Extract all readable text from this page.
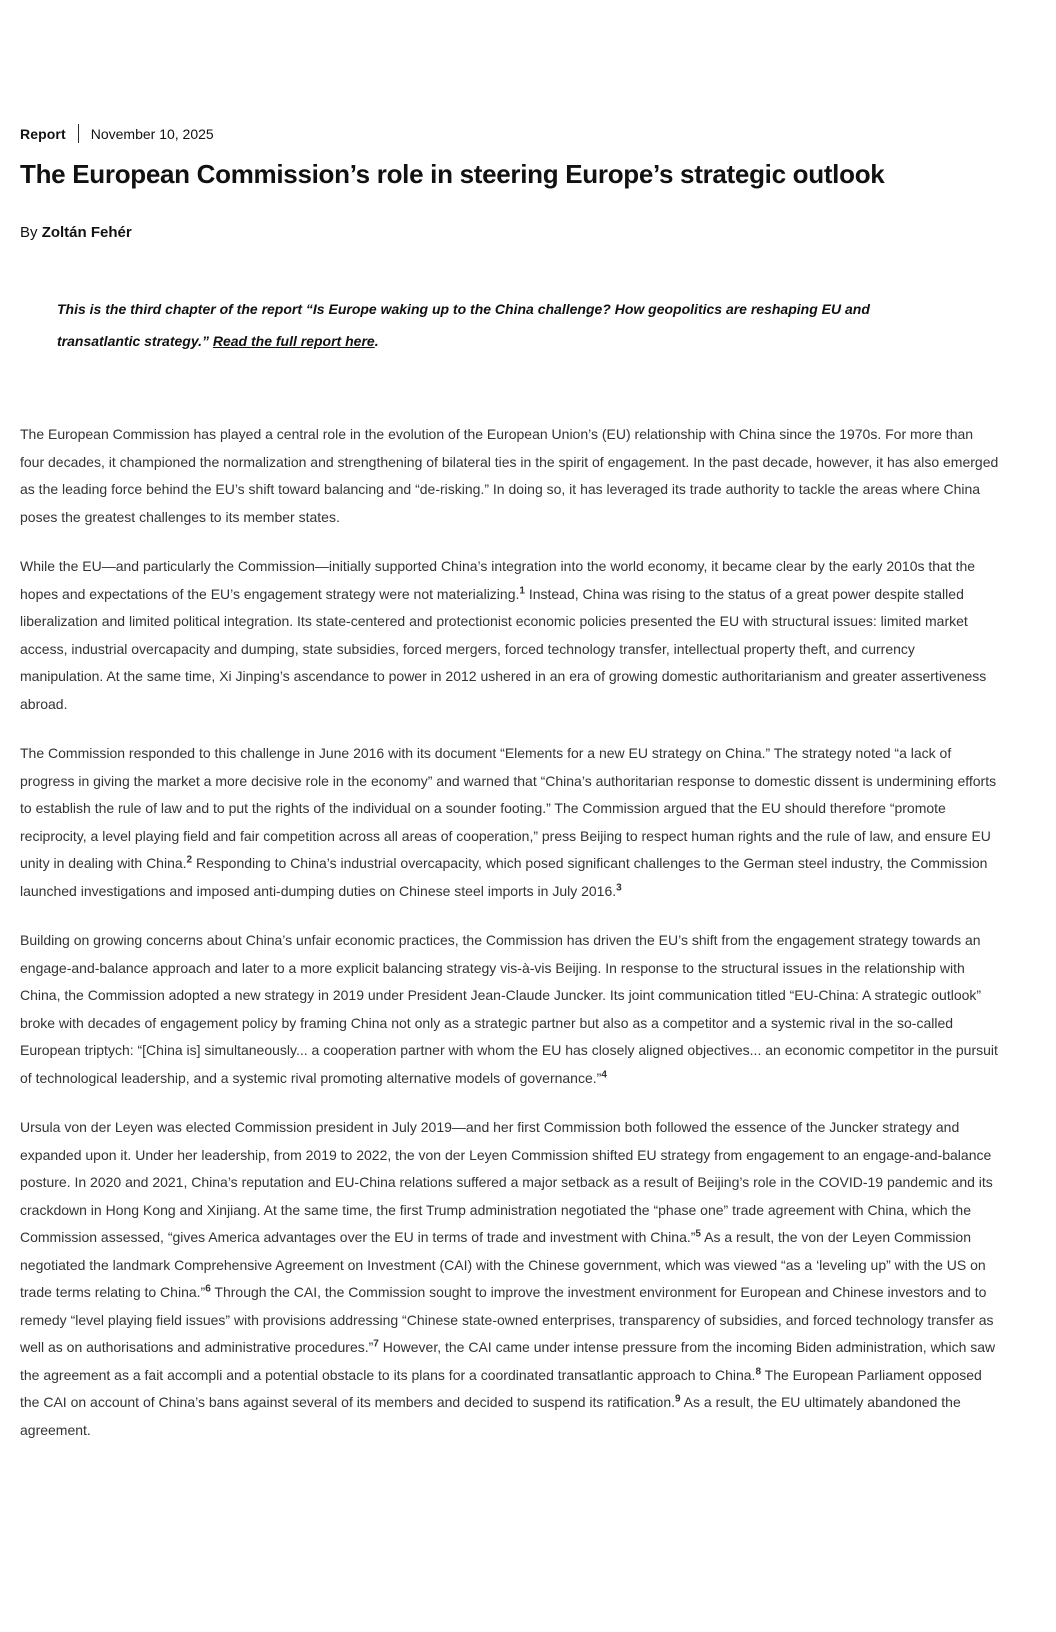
Report November 10, 2025
The European Commission’s role in steering Europe’s strategic outlook
By Zoltán Fehér

This is the third chapter of the report “Is Europe waking up to the China challenge? How geopolitics are reshaping EU and transatlantic strategy.” Read the full report here.

The European Commission has played a central role in the evolution of the European Union’s (EU) relationship with China since the 1970s. For more than four decades, it championed the normalization and strengthening of bilateral ties in the spirit of engagement. In the past decade, however, it has also emerged as the leading force behind the EU’s shift toward balancing and “de-risking.” In doing so, it has leveraged its trade authority to tackle the areas where China poses the greatest challenges to its member states.

While the EU—and particularly the Commission—initially supported China’s integration into the world economy, it became clear by the early 2010s that the hopes and expectations of the EU’s engagement strategy were not materializing.$^1$ Instead, China was rising to the status of a great power despite stalled liberalization and limited political integration. Its state-centered and protectionist economic policies presented the EU with structural issues: limited market access, industrial overcapacity and dumping, state subsidies, forced mergers, forced technology transfer, intellectual property theft, and currency manipulation. At the same time, Xi Jinping’s ascendance to power in 2012 ushered in an era of growing domestic authoritarianism and greater assertiveness abroad.

The Commission responded to this challenge in June 2016 with its document “Elements for a new EU strategy on China.” The strategy noted “a lack of progress in giving the market a more decisive role in the economy” and warned that “China’s authoritarian response to domestic dissent is undermining efforts to establish the rule of law and to put the rights of the individual on a sounder footing.” The Commission argued that the EU should therefore “promote reciprocity, a level playing field and fair competition across all areas of cooperation,” press Beijing to respect human rights and the rule of law, and ensure EU unity in dealing with China.$^2$ Responding to China’s industrial overcapacity, which posed significant challenges to the German steel industry, the Commission launched investigations and imposed anti-dumping duties on Chinese steel imports in July 2016.$^3$

Building on growing concerns about China’s unfair economic practices, the Commission has driven the EU’s shift from the engagement strategy towards an engage-and-balance approach and later to a more explicit balancing strategy vis-à-vis Beijing. In response to the structural issues in the relationship with China, the Commission adopted a new strategy in 2019 under President Jean-Claude Juncker. Its joint communication titled “EU-China: A strategic outlook” broke with decades of engagement policy by framing China not only as a strategic partner but also as a competitor and a systemic rival in the so-called European triptych: “[China is] simultaneously... a cooperation partner with whom the EU has closely aligned objectives... an economic competitor in the pursuit of technological leadership, and a systemic rival promoting alternative models of governance.”$^4$

Ursula von der Leyen was elected Commission president in July 2019—and her first Commission both followed the essence of the Juncker strategy and expanded upon it. Under her leadership, from 2019 to 2022, the von der Leyen Commission shifted EU strategy from engagement to an engage-and-balance posture. In 2020 and 2021, China’s reputation and EU-China relations suffered a major setback as a result of Beijing’s role in the COVID-19 pandemic and its crackdown in Hong Kong and Xinjiang. At the same time, the first Trump administration negotiated the “phase one” trade agreement with China, which the Commission assessed, “gives America advantages over the EU in terms of trade and investment with China.”$^5$ As a result, the von der Leyen Commission negotiated the landmark Comprehensive Agreement on Investment (CAI) with the Chinese government, which was viewed “as a ‘leveling up” with the US on trade terms relating to China.”$^6$ Through the CAI, the Commission sought to improve the investment environment for European and Chinese investors and to remedy “level playing field issues” with provisions addressing “Chinese state-owned enterprises, transparency of subsidies, and forced technology transfer as well as on authorisations and administrative procedures.”$^7$ However, the CAI came under intense pressure from the incoming Biden administration, which saw the agreement as a fait accompli and a potential obstacle to its plans for a coordinated transatlantic approach to China.$^8$ The European Parliament opposed the CAI on account of China’s bans against several of its members and decided to suspend its ratification.$^9$ As a result, the EU ultimately abandoned the agreement.
